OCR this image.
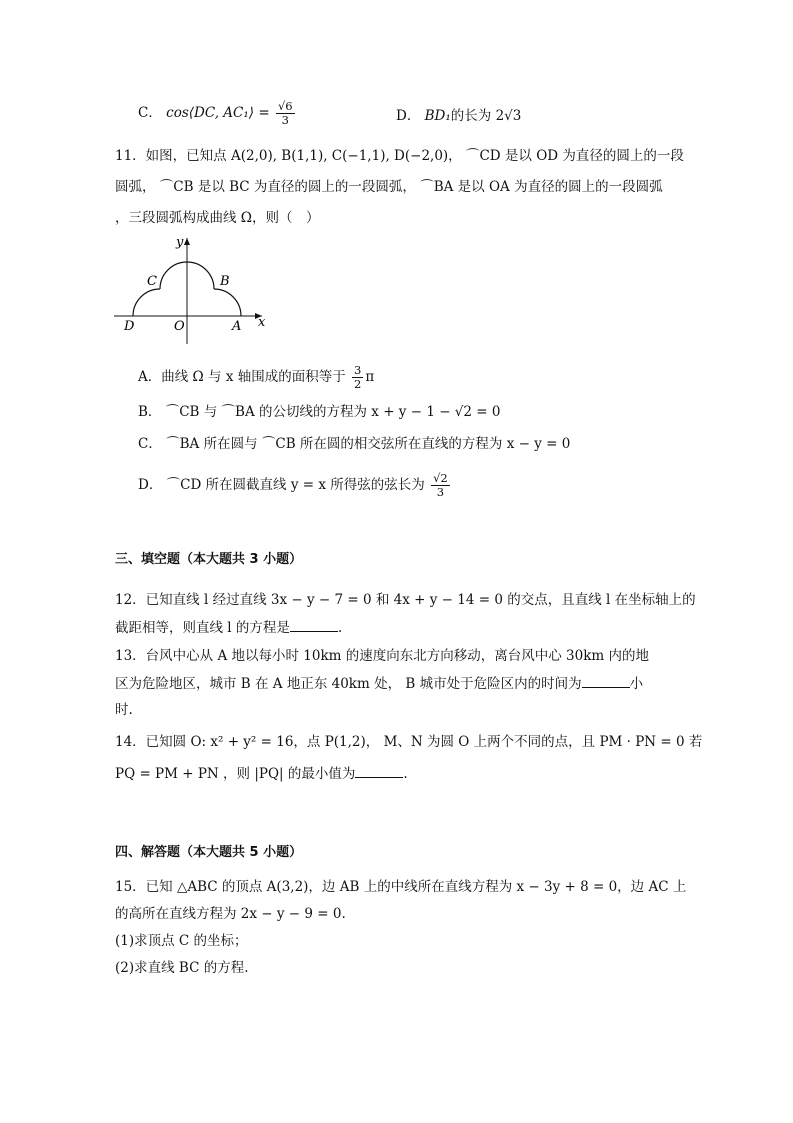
C． cos⟨DC, AC₁⟩ = $\frac{√6}{3}$	D． BD₁的长为 2√3
11．如图，已知点 A(2,0), B(1,1), C(−1,1), D(−2,0)， ⌒CD 是以 OD 为直径的圆上的一段
圆弧， ⌒CB 是以 BC 为直径的圆上的一段圆弧， ⌒BA 是以 OA 为直径的圆上的一段圆弧
，三段圆弧构成曲线 Ω，则（　）
y
x
C	B
D	O	A
A．曲线 Ω 与 x 轴围成的面积等于 $\frac{3}{2}$ π
B． ⌒CB 与 ⌒BA 的公切线的方程为 x + y − 1 − √2 = 0
C． ⌒BA 所在圆与 ⌒CB 所在圆的相交弦所在直线的方程为 x − y = 0
D． ⌒CD 所在圆截直线 y = x 所得弦的弦长为 $\frac{√2}{3}$
三、填空题（本大题共 3 小题）
12．已知直线 l 经过直线 3x − y − 7 = 0 和 4x + y − 14 = 0 的交点，且直线 l 在坐标轴上的
截距相等，则直线 l 的方程是	.
13．台风中心从 A 地以每小时 10km 的速度向东北方向移动，离台风中心 30km 内的地
区为危险地区，城市 B 在 A 地正东 40km 处， B 城市处于危险区内的时间为	小
时.
14．已知圆 O: x² + y² = 16，点 P(1,2)， M、N 为圆 O 上两个不同的点，且 PM · PN = 0 若
PQ = PM + PN ，则 |PQ| 的最小值为	.
四、解答题（本大题共 5 小题）
15．已知 △ABC 的顶点 A(3,2)，边 AB 上的中线所在直线方程为 x − 3y + 8 = 0，边 AC 上
的高所在直线方程为 2x − y − 9 = 0.
(1)求顶点 C 的坐标；
(2)求直线 BC 的方程.
